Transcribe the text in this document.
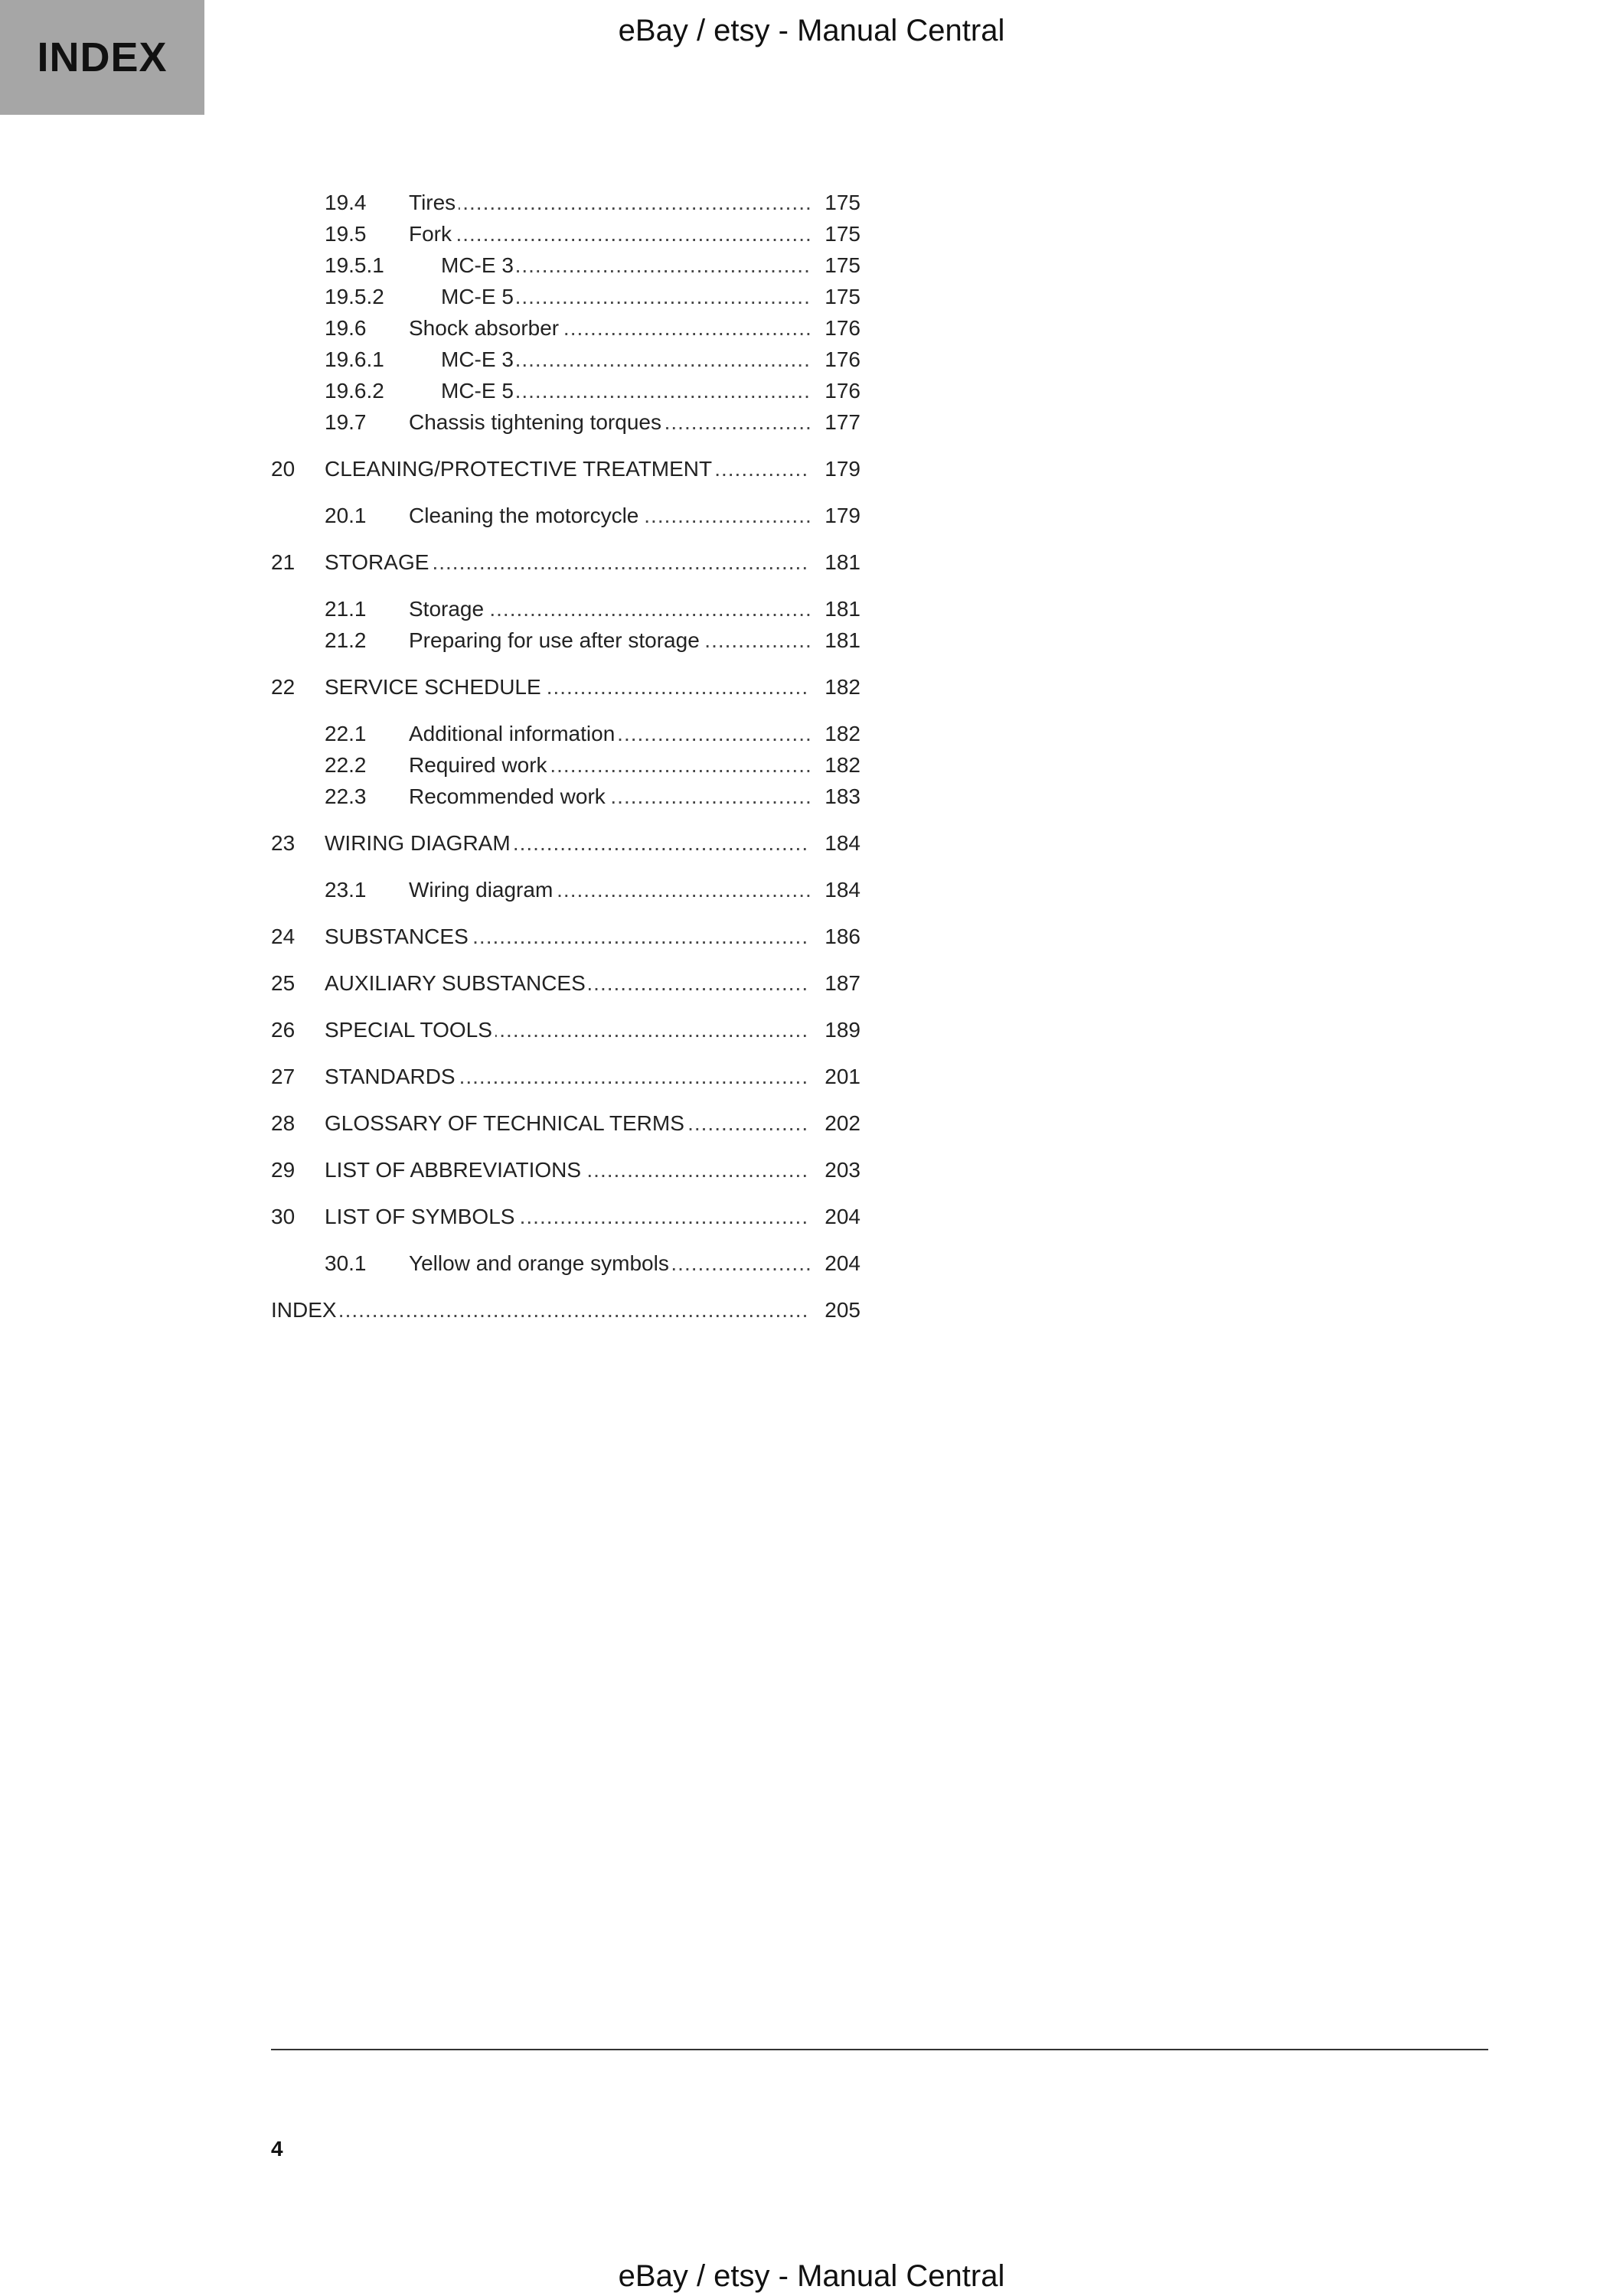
INDEX
eBay / etsy - Manual Central
19.4 Tires .....	175
19.5 Fork .....	175
19.5.1	MC-E 3 .....	175
19.5.2	MC-E 5 .....	175
19.6 Shock absorber .....	176
19.6.1	MC-E 3 .....	176
19.6.2	MC-E 5 .....	176
19.7 Chassis tightening torques .....	177
20 CLEANING/PROTECTIVE TREATMENT .....	179
20.1 Cleaning the motorcycle .....	179
21 STORAGE .....	181
21.1 Storage .....	181
21.2 Preparing for use after storage .....	181
22 SERVICE SCHEDULE .....	182
22.1 Additional information .....	182
22.2 Required work .....	182
22.3 Recommended work .....	183
23 WIRING DIAGRAM .....	184
23.1 Wiring diagram .....	184
24 SUBSTANCES .....	186
25 AUXILIARY SUBSTANCES .....	187
26 SPECIAL TOOLS .....	189
27 STANDARDS .....	201
28 GLOSSARY OF TECHNICAL TERMS .....	202
29 LIST OF ABBREVIATIONS .....	203
30 LIST OF SYMBOLS .....	204
30.1 Yellow and orange symbols .....	204
INDEX .....	205
4
eBay / etsy - Manual Central
